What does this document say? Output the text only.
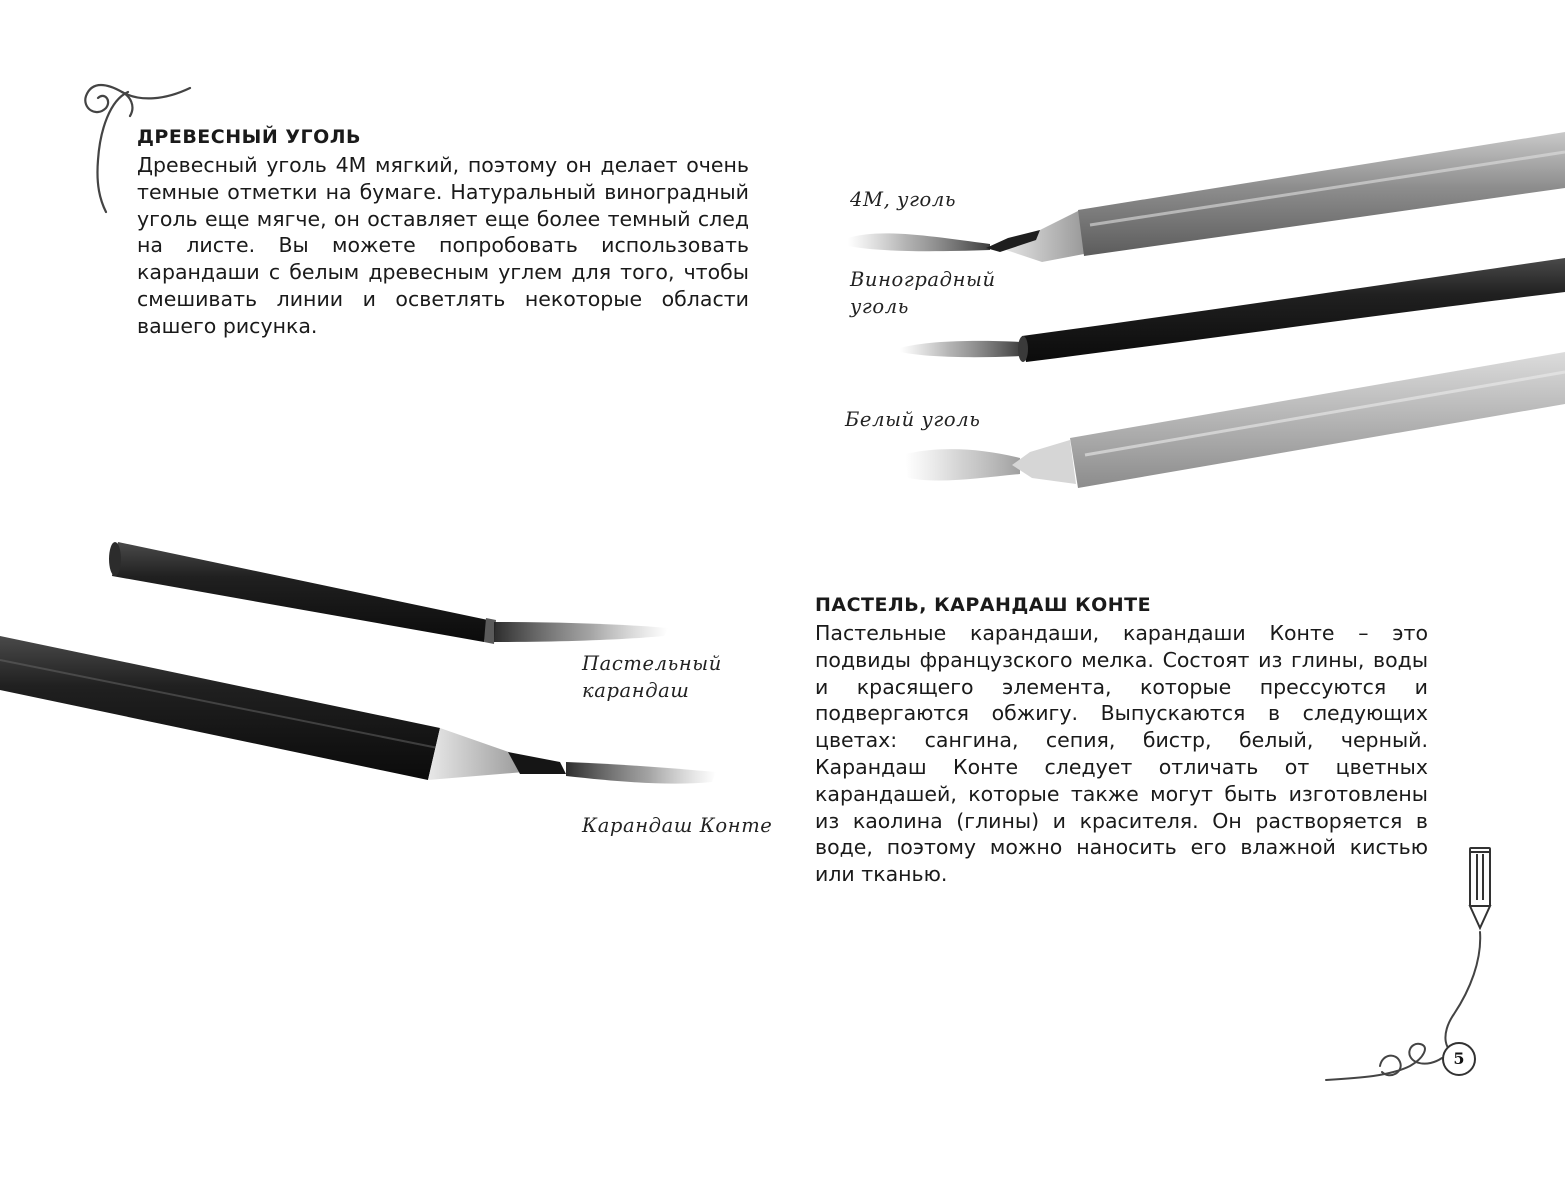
ДРЕВЕСНЫЙ УГОЛЬ

Древесный уголь 4М мягкий, поэтому он делает очень темные отметки на бумаге. Натуральный виноградный уголь еще мягче, он оставляет еще более темный след на листе. Вы можете попробовать использовать карандаши с белым древесным углем для того, чтобы смешивать линии и осветлять некоторые области вашего рисунка.

4М, уголь

Виноградный

уголь

Белый уголь

Пастельный

карандаш

Карандаш Конте

ПАСТЕЛЬ, КАРАНДАШ КОНТЕ

Пастельные карандаши, карандаши Конте – это подвиды французского мелка. Состоят из глины, воды и красящего элемента, которые прессуются и подвергаются обжигу. Выпускаются в следующих цветах: сангина, сепия, бистр, белый, черный. Карандаш Конте следует отличать от цветных карандашей, которые также могут быть изготовлены из каолина (глины) и красителя. Он растворяется в воде, поэтому можно наносить его влажной кистью или тканью.

5
